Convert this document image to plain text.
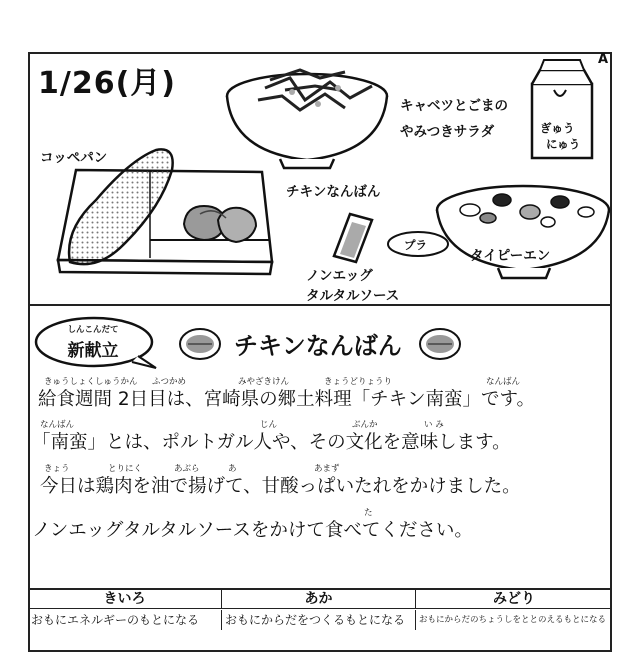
A
1/26(月)
キャベツとごまの
やみつきサラダ	ぎゅう
にゅう
コッペパン
チキンなんばん
プラ
タイピーエン
ノンエッグ
タルタルソース
しんこんだて
新献立	チキンなんばん
きゅうしょくしゅうかん ふつかめ	みやざきけん	きょうどりょうり	なんばん
給食週間 2日目は、宮崎県の郷土料理「チキン南蛮」です。
なんばん	じん	ぶんか	い み
「南蛮」とは、ポルトガル人や、その文化を意味します。
きょう	とりにく	あぶら	あ	あまず
今日は鶏肉を油で揚げて、甘酸っぱいたれをかけました。
た
ノンエッグタルタルソースをかけて食べてください。
きいろ	あか	みどり
おもにエネルギーのもとになる	おもにからだをつくるもとになる	おもにからだのちょうしをととのえるもとになる
